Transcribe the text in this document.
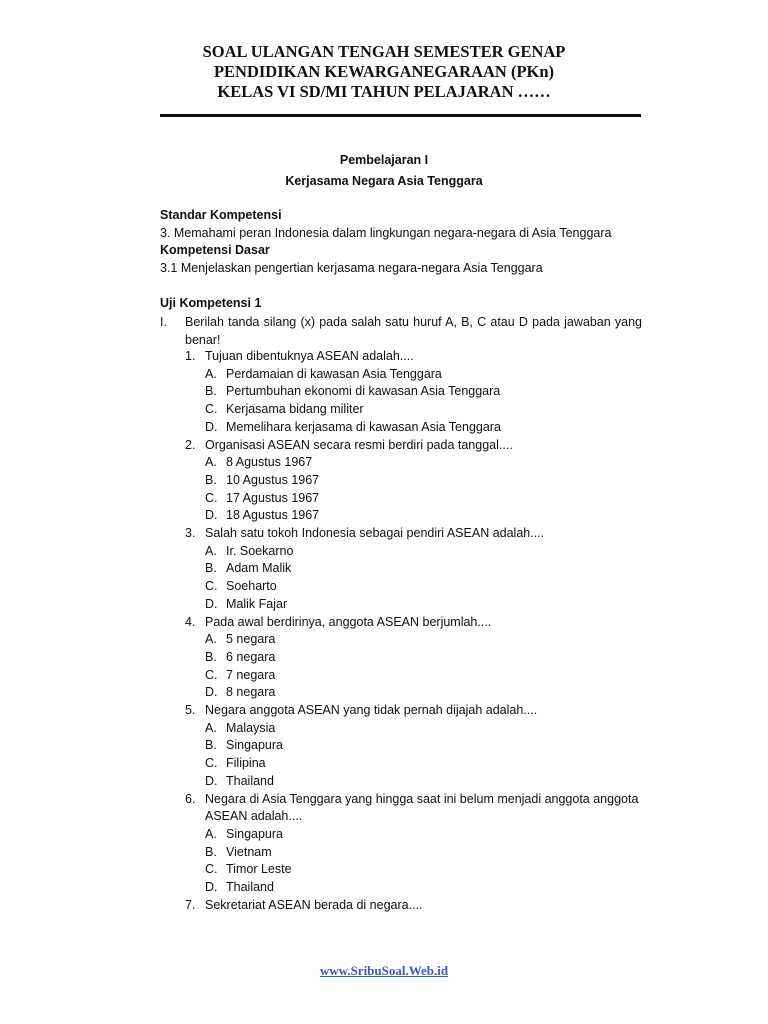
SOAL ULANGAN TENGAH SEMESTER GENAP
PENDIDIKAN KEWARGANEGARAAN (PKn)
KELAS VI SD/MI TAHUN PELAJARAN ……
Pembelajaran I
Kerjasama Negara Asia Tenggara
Standar Kompetensi
3. Memahami peran Indonesia dalam lingkungan negara-negara di Asia Tenggara
Kompetensi Dasar
3.1 Menjelaskan pengertian kerjasama negara-negara Asia Tenggara
Uji Kompetensi 1
I. Berilah tanda silang (x) pada salah satu huruf A, B, C atau D pada jawaban yang benar!
1. Tujuan dibentuknya ASEAN adalah....
A. Perdamaian di kawasan Asia Tenggara
B. Pertumbuhan ekonomi di kawasan Asia Tenggara
C. Kerjasama bidang militer
D. Memelihara kerjasama di kawasan Asia Tenggara
2. Organisasi ASEAN secara resmi berdiri pada tanggal....
A. 8 Agustus 1967
B. 10 Agustus 1967
C. 17 Agustus 1967
D. 18 Agustus 1967
3. Salah satu tokoh Indonesia sebagai pendiri ASEAN adalah....
A. Ir. Soekarno
B. Adam Malik
C. Soeharto
D. Malik Fajar
4. Pada awal berdirinya, anggota ASEAN berjumlah....
A. 5 negara
B. 6 negara
C. 7 negara
D. 8 negara
5. Negara anggota ASEAN yang tidak pernah dijajah adalah....
A. Malaysia
B. Singapura
C. Filipina
D. Thailand
6. Negara di Asia Tenggara yang hingga saat ini belum menjadi anggota anggota ASEAN adalah....
A. Singapura
B. Vietnam
C. Timor Leste
D. Thailand
7. Sekretariat ASEAN berada di negara....
www.SribuSoal.Web.id
